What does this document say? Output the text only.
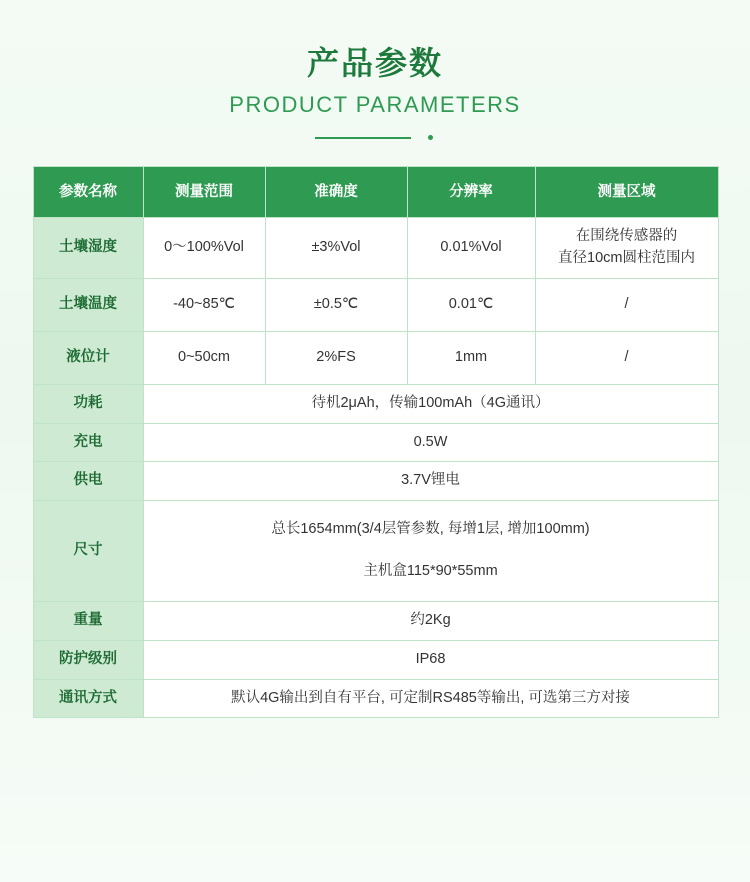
产品参数
PRODUCT PARAMETERS
参数名称	测量范围	准确度	分辨率	测量区域
土壤湿度	0～100%Vol	±3%Vol	0.01%Vol	在围绕传感器的
直径10cm圆柱范围内
土壤温度	-40~85℃	±0.5℃	0.01℃	/
液位计	0~50cm	2%FS	1mm	/
功耗	待机2μAh，传输100mAh（4G通讯）			
充电	0.5W			
供电	3.7V锂电			
尺寸	总长1654mm(3/4层管参数, 每增1层, 增加100mm)
主机盒115*90*55mm			

重量	约2Kg			
防护级别	IP68			
通讯方式	默认4G输出到自有平台, 可定制RS485等输出, 可选第三方对接			
